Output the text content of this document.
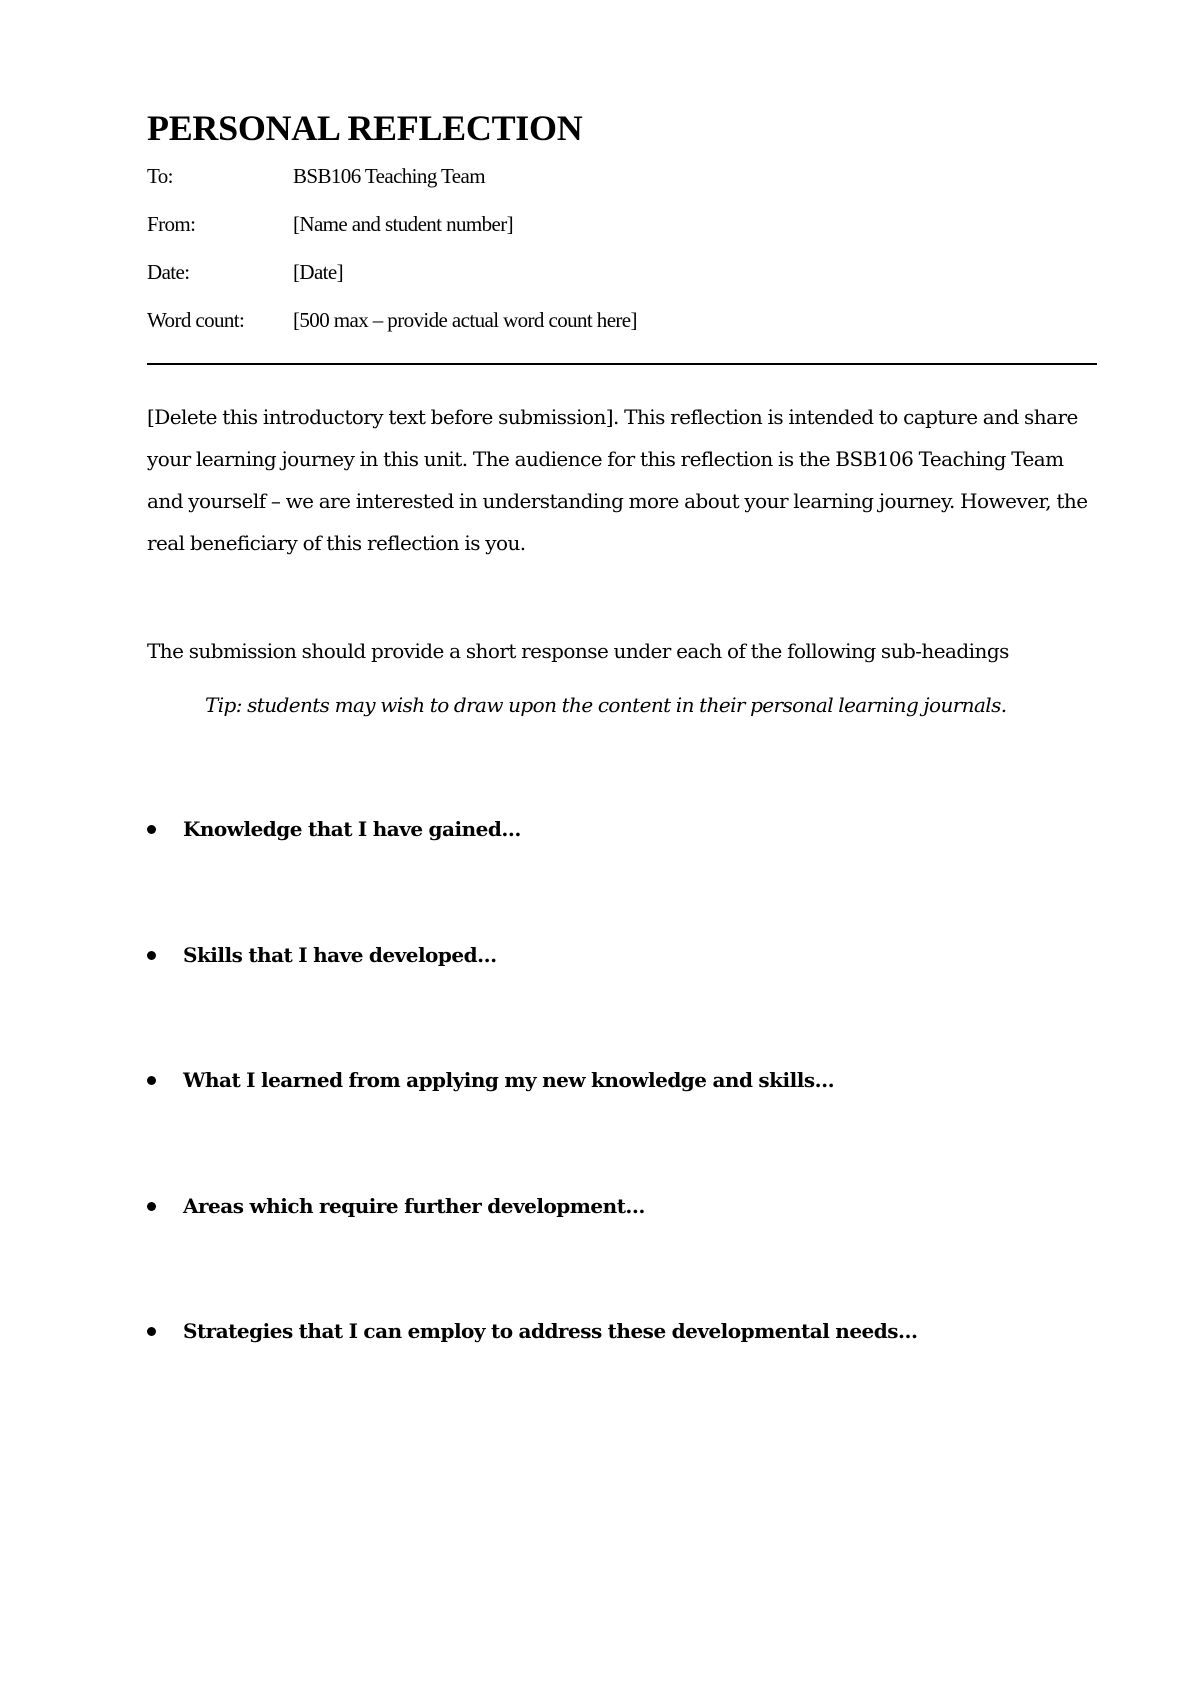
PERSONAL REFLECTION
To:	BSB106 Teaching Team
From:	[Name and student number]
Date:	[Date]
Word count: [500 max – provide actual word count here]

[Delete this introductory text before submission]. This reflection is intended to capture and share your learning journey in this unit. The audience for this reflection is the BSB106 Teaching Team and yourself – we are interested in understanding more about your learning journey. However, the real beneficiary of this reflection is you.

The submission should provide a short response under each of the following sub-headings

Tip: students may wish to draw upon the content in their personal learning journals.

Knowledge that I have gained…
Skills that I have developed…
What I learned from applying my new knowledge and skills…
Areas which require further development…
Strategies that I can employ to address these developmental needs…
